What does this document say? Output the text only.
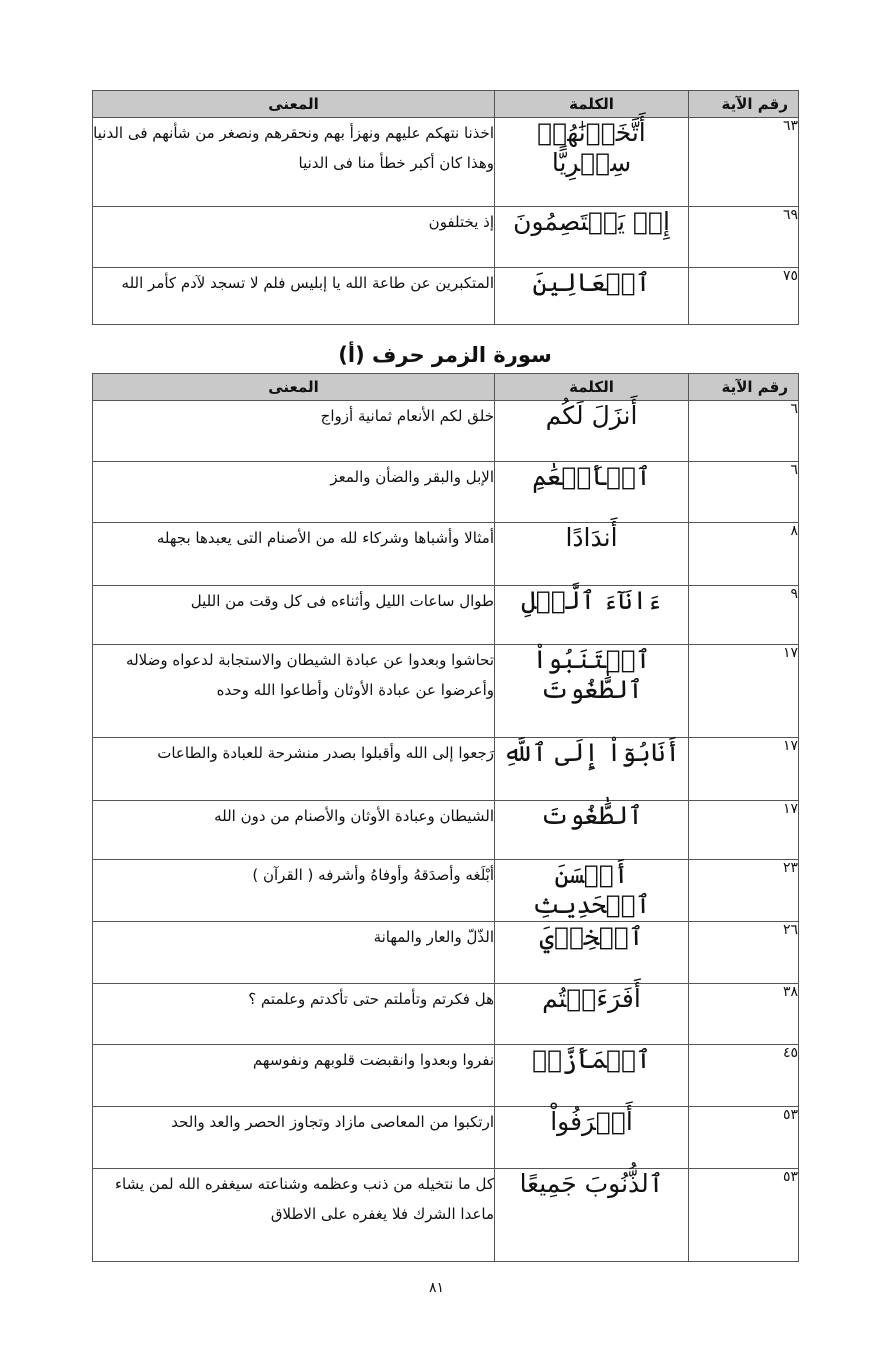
رقم الآية	الكلمة	المعنى
٦٣	أَتَّخَذۡنَٰهُمۡ سِخۡرِيًّا	اخذنا نتهكم عليهم ونهزأ بهم ونحقرهم ونصغر من شأنهم فى الدنيا وهذا كان أكبر خطأ منا فى الدنيا
٦٩	إِذۡ يَخۡتَصِمُونَ	إذ يختلفون
٧٥	ٱلۡعَالِينَ	المتكبرين عن طاعة الله يا إبليس فلم لا تسجد لآدم كأمر الله
سورة الزمر حرف (أ)
رقم الآية	الكلمة	المعنى
٦	أَنزَلَ لَكُم	خلق لكم الأنعام ثمانية أزواج
٦	ٱلۡأَنۡعَٰمِ	الإبل والبقر والضأن والمعز
٨	أَندَادًا	أمثالا وأشباها وشركاء لله من الأصنام التى يعبدها بجهله
٩	ءَانَآءَ ٱلَّيۡلِ	طوال ساعات الليل وأثناءه فى كل وقت من الليل
١٧	ٱجۡتَنَبُواْ ٱلطَّٰغُوتَ	تحاشوا وبعدوا عن عبادة الشيطان والاستجابة لدعواه وضلاله وأعرضوا عن عبادة الأوثان وأطاعوا الله وحده
١٧	أَنَابُوٓاْ إِلَى ٱللَّهِ	رَجعوا إلى الله وأقبلوا بصدر منشرحة للعبادة والطاعات
١٧	ٱلطَّٰغُوتَ	الشيطان وعبادة الأوثان والأصنام من دون الله
٢٣	أَحۡسَنَ ٱلۡحَدِيثِ	أبْلَغه وأصدَقهُ وأوفاهُ وأشرفه ( القرآن )
٢٦	ٱلۡخِزۡيَ	الذّلّ والعار والمهانة
٣٨	أَفَرَءَيۡتُم	هل فكرتم وتأملتم حتى تأكدتم وعلمتم ؟
٤٥	ٱشۡمَأَزَّتۡ	نفروا وبعدوا وانقبضت قلوبهم ونفوسهم
٥٣	أَسۡرَفُواْ	ارتكبوا من المعاصى مازاد وتجاوز الحصر والعد والحد
٥٣	ٱلذُّنُوبَ جَمِيعًا	كل ما نتخيله من ذنب وعظمه وشناعته سيغفره الله لمن يشاء ماعدا الشرك فلا يغفره على الاطلاق
٨١
